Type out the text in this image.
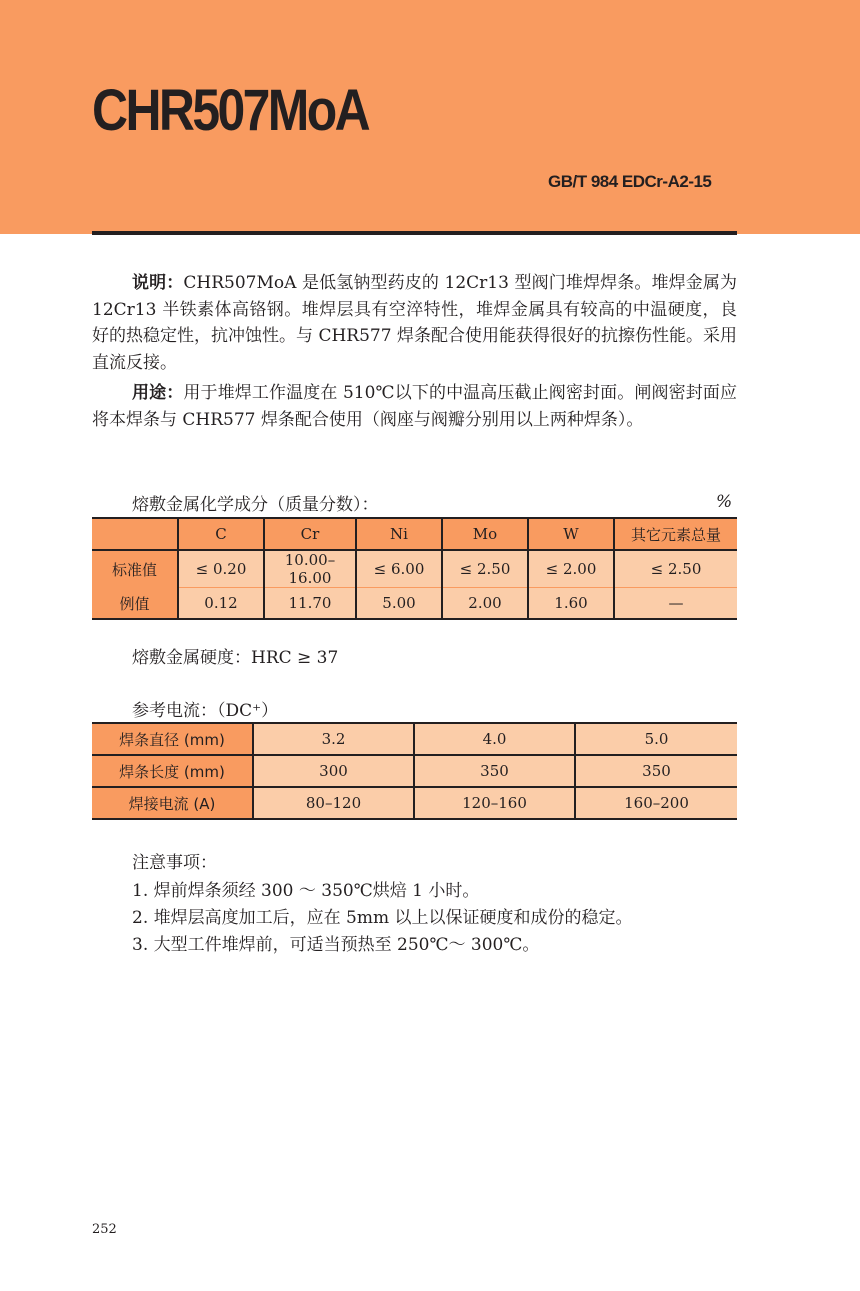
CHR507MoA
GB/T 984 EDCr-A2-15

说明：CHR507MoA 是低氢钠型药皮的 12Cr13 型阀门堆焊焊条。堆焊金属为 12Cr13 半铁素体高铬钢。堆焊层具有空淬特性，堆焊金属具有较高的中温硬度，良好的热稳定性，抗冲蚀性。与 CHR577 焊条配合使用能获得很好的抗擦伤性能。采用直流反接。

用途：用于堆焊工作温度在 510℃以下的中温高压截止阀密封面。闸阀密封面应将本焊条与 CHR577 焊条配合使用（阀座与阀瓣分别用以上两种焊条）。

熔敷金属化学成分（质量分数）：	%
	C	Cr	Ni	Mo	W	其它元素总量
标准值	≤ 0.20	10.00–16.00	≤ 6.00	≤ 2.50	≤ 2.00	≤ 2.50
例值	0.12	11.70	5.00	2.00	1.60	—
熔敷金属硬度：HRC ≥ 37
参考电流：（DC⁺）
焊条直径 (mm)	3.2	4.0	5.0
焊条长度 (mm)	300	350	350
焊接电流 (A)	80–120	120–160	160–200
注意事项：
1. 焊前焊条须经 300 ～ 350℃烘焙 1 小时。
2. 堆焊层高度加工后，应在 5mm 以上以保证硬度和成份的稳定。
3. 大型工件堆焊前，可适当预热至 250℃～ 300℃。
252
